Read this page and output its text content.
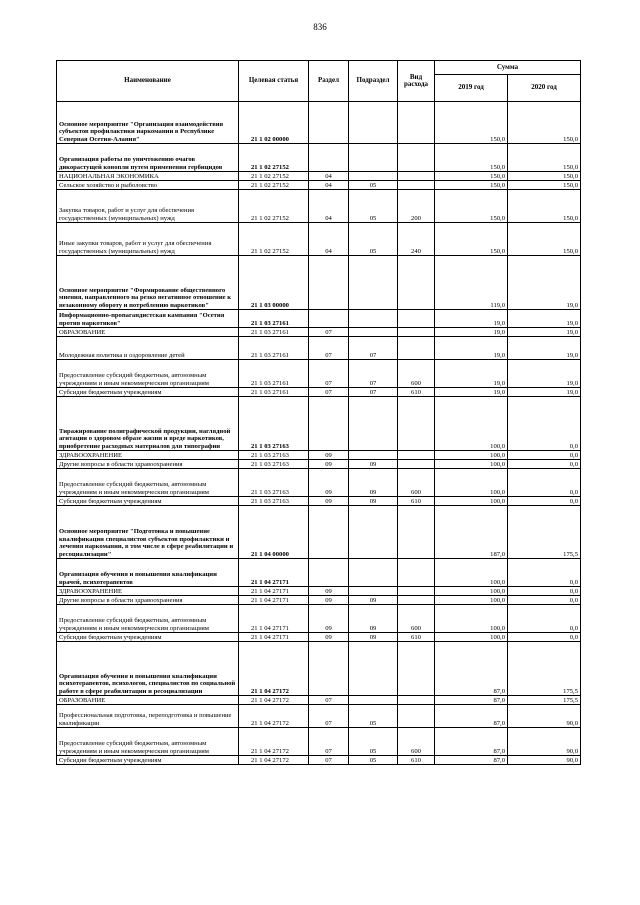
836
Наименование	Целевая статья	Раздел	Подраздел	Вид расхода	Сумма	
					2019 год	2020 год
Основное мероприятие "Организация взаимодействия субъектов профилактики наркомании в Республике Северная Осетия-Алания"	21 1 02 00000				150,0	150,0
Организация работы по уничтожению очагов дикорастущей конопли путем применения гербицидов	21 1 02 27152				150,0	150,0
НАЦИОНАЛЬНАЯ ЭКОНОМИКА	21 1 02 27152	04			150,0	150,0
Сельское хозяйство и рыболовство	21 1 02 27152	04	05		150,0	150,0
Закупка товаров, работ и услуг для обеспечения государственных (муниципальных) нужд	21 1 02 27152	04	05	200	150,0	150,0
Иные закупки товаров, работ и услуг для обеспечения государственных (муниципальных) нужд	21 1 02 27152	04	05	240	150,0	150,0
Основное мероприятие "Формирование общественного мнения, направленного на резко негативное отношение к незаконному обороту и потреблению наркотиков"	21 1 03 00000				119,0	19,0
Информационно-пропагандистская кампания "Осетия против наркотиков"	21 1 03 27161				19,0	19,0
ОБРАЗОВАНИЕ	21 1 03 27161	07			19,0	19,0
Молодежная политика и оздоровление детей	21 1 03 27161	07	07		19,0	19,0
Предоставление субсидий бюджетным, автономным учреждениям и иным некоммерческим организациям	21 1 03 27161	07	07	600	19,0	19,0
Субсидии бюджетным учреждениям	21 1 03 27161	07	07	610	19,0	19,0
Тиражирование полиграфической продукции, наглядной агитации о здоровом образе жизни и вреде наркотиков, приобретение расходных материалов для типографии	21 1 03 27163				100,0	0,0
ЗДРАВООХРАНЕНИЕ	21 1 03 27163	09			100,0	0,0
Другие вопросы в области здравоохранения	21 1 03 27163	09	09		100,0	0,0
Предоставление субсидий бюджетным, автономным учреждениям и иным некоммерческим организациям	21 1 03 27163	09	09	600	100,0	0,0
Субсидии бюджетным учреждениям	21 1 03 27163	09	09	610	100,0	0,0
Основное мероприятие "Подготовка и повышение квалификации специалистов субъектов профилактики и лечения наркомании, в том числе в сфере реабилитации и ресоциализации"	21 1 04 00000				187,0	175,5
Организация обучения и повышения квалификации врачей, психотерапевтов	21 1 04 27171				100,0	0,0
ЗДРАВООХРАНЕНИЕ	21 1 04 27171	09			100,0	0,0
Другие вопросы в области здравоохранения	21 1 04 27171	09	09		100,0	0,0
Предоставление субсидий бюджетным, автономным учреждениям и иным некоммерческим организациям	21 1 04 27171	09	09	600	100,0	0,0
Субсидии бюджетным учреждениям	21 1 04 27171	09	09	610	100,0	0,0
Организация обучения и повышения квалификации психотерапевтов, психологов, специалистов по социальной работе в сфере реабилитации и ресоциализации	21 1 04 27172				87,0	175,5
ОБРАЗОВАНИЕ	21 1 04 27172	07			87,0	175,5
Профессиональная подготовка, переподготовка и повышение квалификации	21 1 04 27172	07	05		87,0	90,0
Предоставление субсидий бюджетным, автономным учреждениям и иным некоммерческим организациям	21 1 04 27172	07	05	600	87,0	90,0
Субсидии бюджетным учреждениям	21 1 04 27172	07	05	610	87,0	90,0
